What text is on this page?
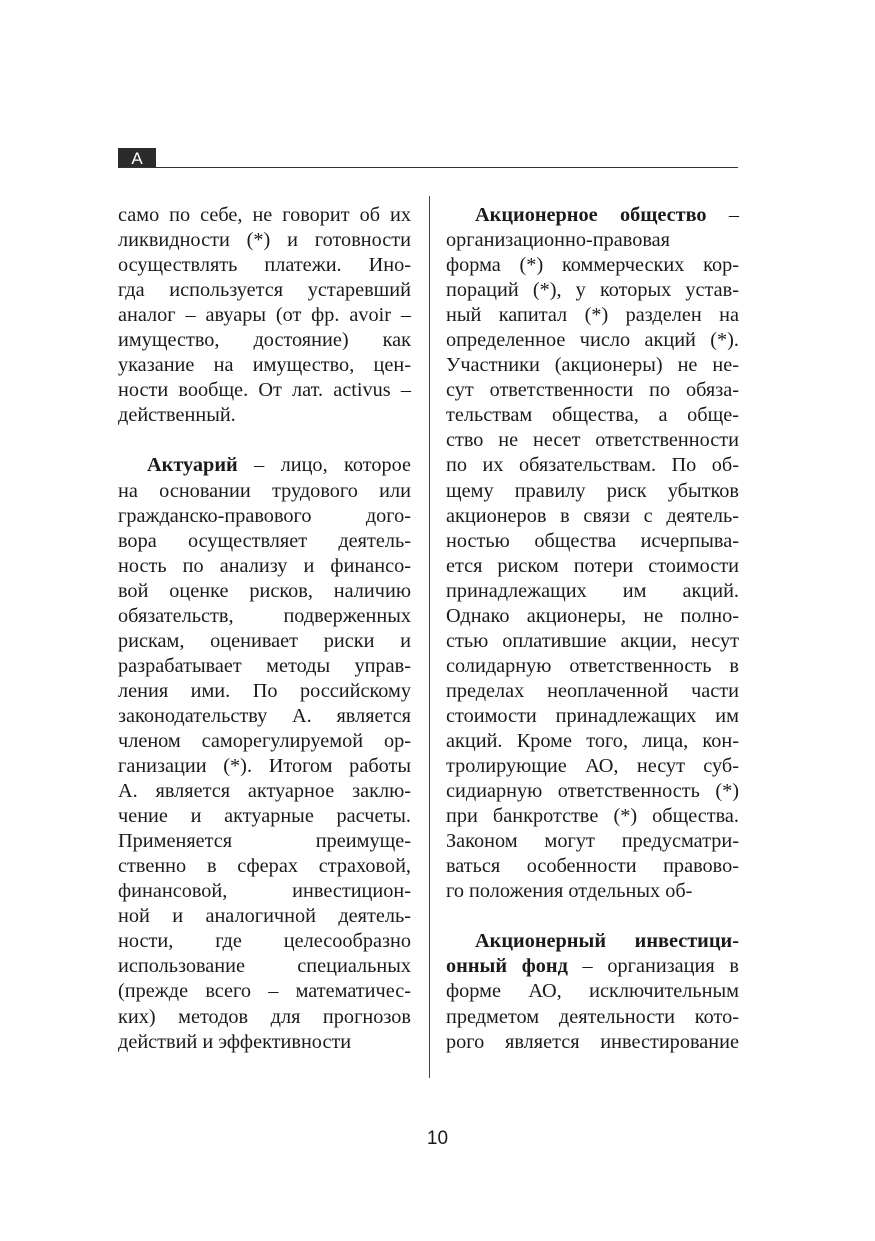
А
само по себе, не говорит об их
ликвидности (*) и готовности
осуществлять платежи. Ино-
гда используется устаревший
аналог – авуары (от фр. avoir –
имущество, достояние) как
указание на имущество, цен-
ности вообще. От лат. activus –
действенный.
Актуарий – лицо, которое
на основании трудового или
гражданско-правового дого-
вора осуществляет деятель-
ность по анализу и финансо-
вой оценке рисков, наличию
обязательств, подверженных
рискам, оценивает риски и
разрабатывает методы управ-
ления ими. По российскому
законодательству А. является
членом саморегулируемой ор-
ганизации (*). Итогом работы
А. является актуарное заклю-
чение и актуарные расчеты.
Применяется преимуще-
ственно в сферах страховой,
финансовой, инвестицион-
ной и аналогичной деятель-
ности, где целесообразно
использование специальных
(прежде всего – математичес-
ких) методов для прогнозов
действий и эффективности
Акционерное общество –
организационно-правовая
форма (*) коммерческих кор-
пораций (*), у которых устав-
ный капитал (*) разделен на
определенное число акций (*).
Участники (акционеры) не не-
сут ответственности по обяза-
тельствам общества, а обще-
ство не несет ответственности
по их обязательствам. По об-
щему правилу риск убытков
акционеров в связи с деятель-
ностью общества исчерпыва-
ется риском потери стоимости
принадлежащих им акций.
Однако акционеры, не полно-
стью оплатившие акции, несут
солидарную ответственность в
пределах неоплаченной части
стоимости принадлежащих им
акций. Кроме того, лица, кон-
тролирующие АО, несут суб-
сидиарную ответственность (*)
при банкротстве (*) общества.
Законом могут предусматри-
ваться особенности правово-
го положения отдельных об-
Акционерный инвестици-
онный фонд – организация в
форме АО, исключительным
предметом деятельности кото-
рого является инвестирование
10
